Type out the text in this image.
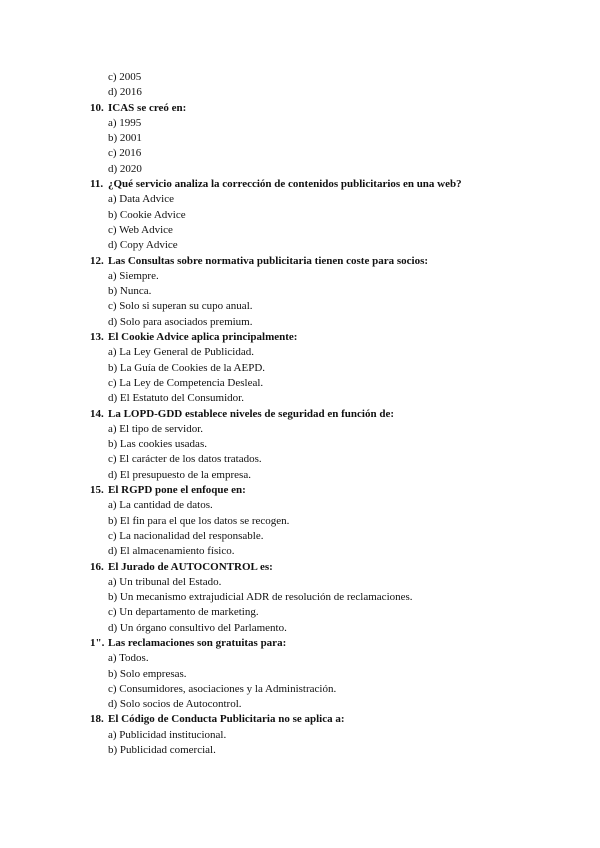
c) 2005
d) 2016
10. ICAS se creó en:
a) 1995
b) 2001
c) 2016
d) 2020
11. ¿Qué servicio analiza la corrección de contenidos publicitarios en una web?
a) Data Advice
b) Cookie Advice
c) Web Advice
d) Copy Advice
12. Las Consultas sobre normativa publicitaria tienen coste para socios:
a) Siempre.
b) Nunca.
c) Solo si superan su cupo anual.
d) Solo para asociados premium.
13. El Cookie Advice aplica principalmente:
a) La Ley General de Publicidad.
b) La Guía de Cookies de la AEPD.
c) La Ley de Competencia Desleal.
d) El Estatuto del Consumidor.
14. La LOPD-GDD establece niveles de seguridad en función de:
a) El tipo de servidor.
b) Las cookies usadas.
c) El carácter de los datos tratados.
d) El presupuesto de la empresa.
15. El RGPD pone el enfoque en:
a) La cantidad de datos.
b) El fin para el que los datos se recogen.
c) La nacionalidad del responsable.
d) El almacenamiento físico.
16. El Jurado de AUTOCONTROL es:
a) Un tribunal del Estado.
b) Un mecanismo extrajudicial ADR de resolución de reclamaciones.
c) Un departamento de marketing.
d) Un órgano consultivo del Parlamento.
1". Las reclamaciones son gratuitas para:
a) Todos.
b) Solo empresas.
c) Consumidores, asociaciones y la Administración.
d) Solo socios de Autocontrol.
18. El Código de Conducta Publicitaria no se aplica a:
a) Publicidad institucional.
b) Publicidad comercial.
